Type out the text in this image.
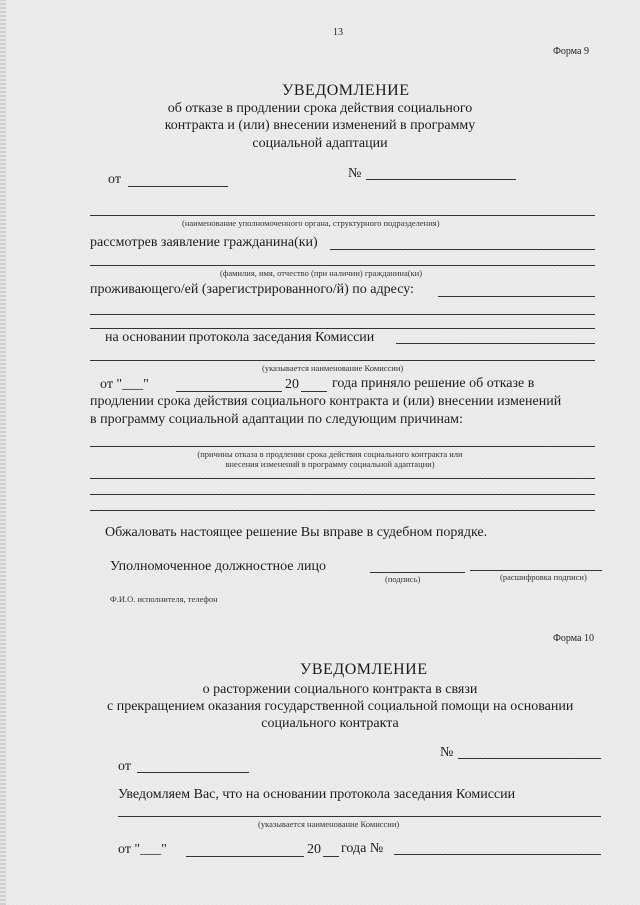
13
Форма 9
УВЕДОМЛЕНИЕ
об отказе в продлении срока действия социального
контракта и (или) внесении изменений в программу
социальной адаптации
от	№
(наименование уполномоченного органа, структурного подразделения)
рассмотрев заявление гражданина(ки)
(фамилия, имя, отчество (при наличии) гражданина(ки)
проживающего/ей (зарегистрированного/й) по адресу:
на основании протокола заседания Комиссии
(указывается наименование Комиссии)
от "___"	20 года приняло решение об отказе в
продлении срока действия социального контракта и (или) внесении изменений
в программу социальной адаптации по следующим причинам:
(причины отказа в продлении срока действия социального контракта или
внесения изменений в программу социальной адаптации)
Обжаловать настоящее решение Вы вправе в судебном порядке.
Уполномоченное должностное лицо
(подпись)	(расшифровка подписи)
Ф.И.О. исполнителя, телефон
Форма 10
УВЕДОМЛЕНИЕ
о расторжении социального контракта в связи
с прекращением оказания государственной социальной помощи на основании
социального контракта
№
от
Уведомляем Вас, что на основании протокола заседания Комиссии
(указывается наименование Комиссии)
от "___"	20 года №
